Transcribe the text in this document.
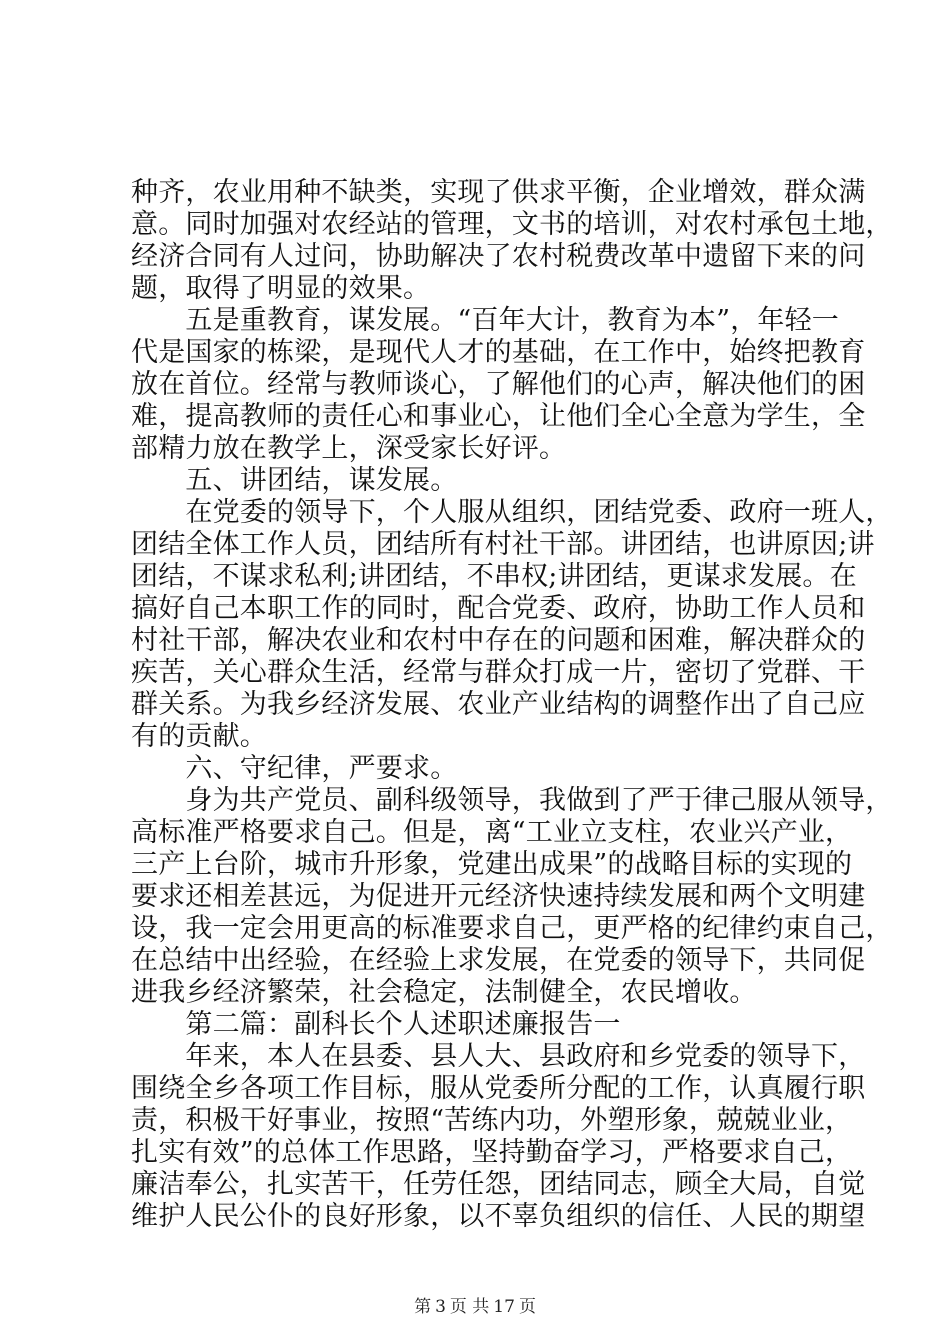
种齐，农业用种不缺类，实现了供求平衡，企业增效，群众满
意。同时加强对农经站的管理，文书的培训，对农村承包土地，
经济合同有人过问，协助解决了农村税费改革中遗留下来的问
题，取得了明显的效果。
　　五是重教育，谋发展。“百年大计，教育为本”，年轻一
代是国家的栋梁，是现代人才的基础，在工作中，始终把教育
放在首位。经常与教师谈心，了解他们的心声，解决他们的困
难，提高教师的责任心和事业心，让他们全心全意为学生，全
部精力放在教学上，深受家长好评。
　　五、讲团结，谋发展。
　　在党委的领导下，个人服从组织，团结党委、政府一班人，
团结全体工作人员，团结所有村社干部。讲团结，也讲原因;讲
团结，不谋求私利;讲团结，不串权;讲团结，更谋求发展。在
搞好自己本职工作的同时，配合党委、政府，协助工作人员和
村社干部，解决农业和农村中存在的问题和困难，解决群众的
疾苦，关心群众生活，经常与群众打成一片，密切了党群、干
群关系。为我乡经济发展、农业产业结构的调整作出了自己应
有的贡献。
　　六、守纪律，严要求。
　　身为共产党员、副科级领导，我做到了严于律己服从领导，
高标准严格要求自己。但是，离“工业立支柱，农业兴产业，
三产上台阶，城市升形象，党建出成果”的战略目标的实现的
要求还相差甚远，为促进开元经济快速持续发展和两个文明建
设，我一定会用更高的标准要求自己，更严格的纪律约束自己，
在总结中出经验，在经验上求发展，在党委的领导下，共同促
进我乡经济繁荣，社会稳定，法制健全，农民增收。
　　第二篇：副科长个人述职述廉报告一
　　年来，本人在县委、县人大、县政府和乡党委的领导下，
围绕全乡各项工作目标，服从党委所分配的工作，认真履行职
责，积极干好事业，按照“苦练内功，外塑形象，兢兢业业，
扎实有效”的总体工作思路，坚持勤奋学习，严格要求自己，
廉洁奉公，扎实苦干，任劳任怨，团结同志，顾全大局，自觉
维护人民公仆的良好形象，以不辜负组织的信任、人民的期望
第 3 页 共 17 页
